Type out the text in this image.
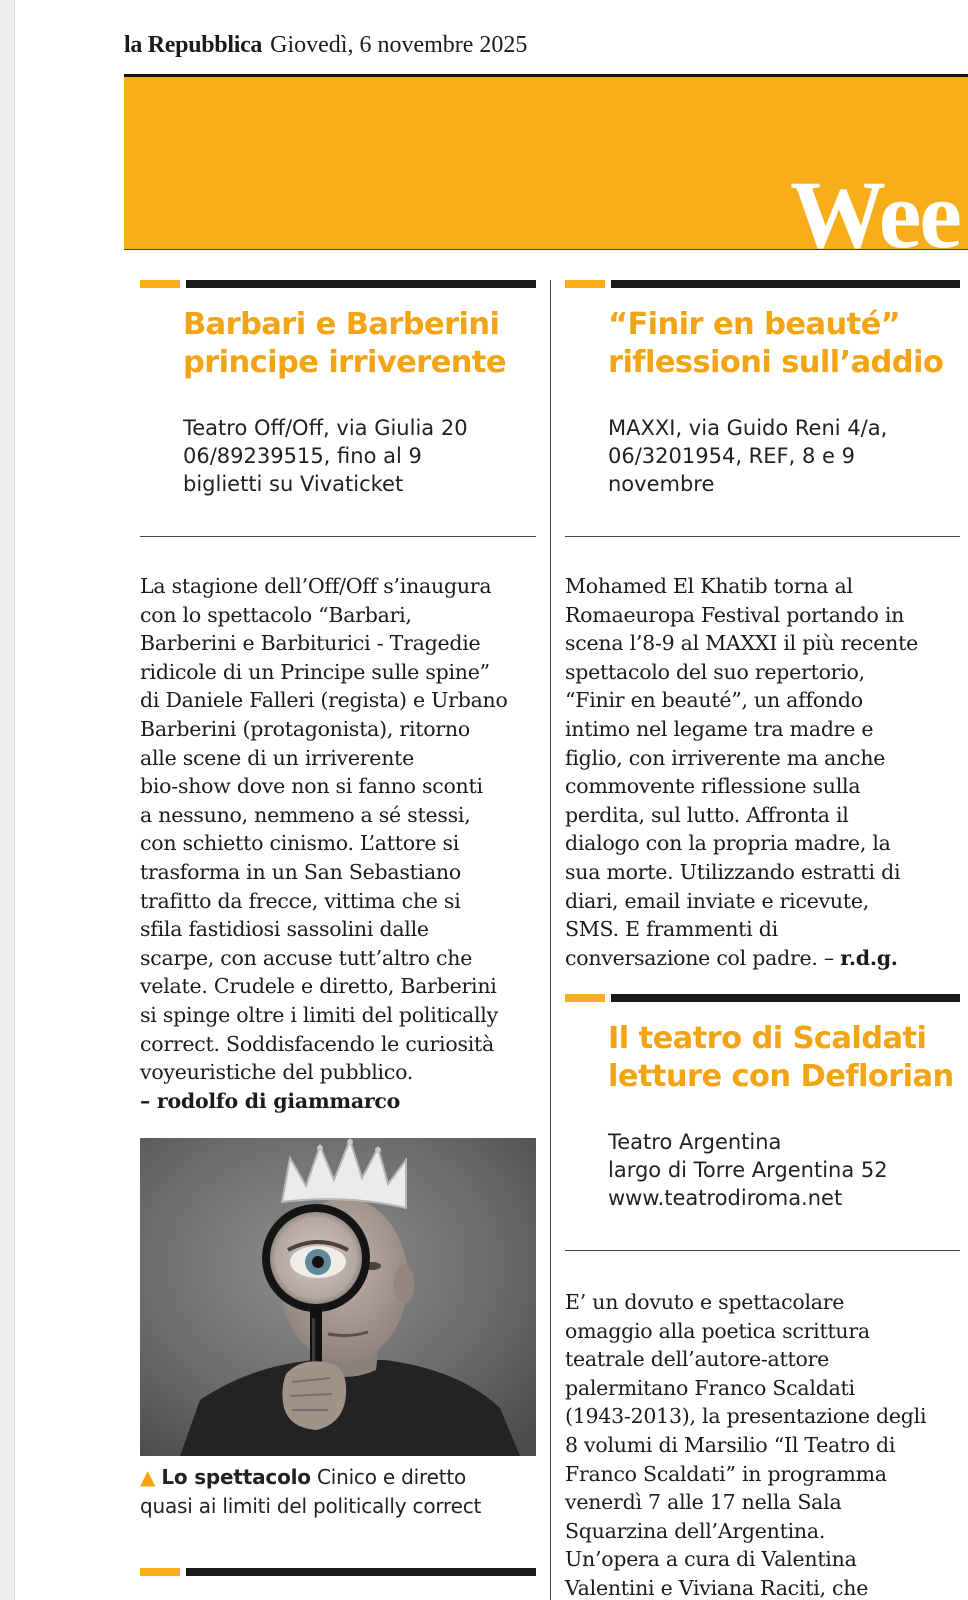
la Repubblica Giovedì, 6 novembre 2025
Wee
Barbari e Barberini
principe irriverente
Teatro Off/Off, via Giulia 20
06/89239515, fino al 9
biglietti su Vivaticket
La stagione dell’Off/Off s’inaugura
con lo spettacolo “Barbari,
Barberini e Barbiturici - Tragedie
ridicole di un Principe sulle spine”
di Daniele Falleri (regista) e Urbano
Barberini (protagonista), ritorno
alle scene di un irriverente
bio-show dove non si fanno sconti
a nessuno, nemmeno a sé stessi,
con schietto cinismo. L’attore si
trasforma in un San Sebastiano
trafitto da frecce, vittima che si
sfila fastidiosi sassolini dalle
scarpe, con accuse tutt’altro che
velate. Crudele e diretto, Barberini
si spinge oltre i limiti del politically
correct. Soddisfacendo le curiosità
voyeuristiche del pubblico.
– rodolfo di giammarco
▲ Lo spettacolo Cinico e diretto
quasi ai limiti del politically correct
“Finir en beauté”
riflessioni sull’addio
MAXXI, via Guido Reni 4/a,
06/3201954, REF, 8 e 9
novembre
Mohamed El Khatib torna al
Romaeuropa Festival portando in
scena l’8-9 al MAXXI il più recente
spettacolo del suo repertorio,
“Finir en beauté”, un affondo
intimo nel legame tra madre e
figlio, con irriverente ma anche
commovente riflessione sulla
perdita, sul lutto. Affronta il
dialogo con la propria madre, la
sua morte. Utilizzando estratti di
diari, email inviate e ricevute,
SMS. E frammenti di
conversazione col padre. – r.d.g.
Il teatro di Scaldati
letture con Deflorian
Teatro Argentina
largo di Torre Argentina 52
www.teatrodiroma.net
E’ un dovuto e spettacolare
omaggio alla poetica scrittura
teatrale dell’autore-attore
palermitano Franco Scaldati
(1943-2013), la presentazione degli
8 volumi di Marsilio “Il Teatro di
Franco Scaldati” in programma
venerdì 7 alle 17 nella Sala
Squarzina dell’Argentina.
Un’opera a cura di Valentina
Valentini e Viviana Raciti, che
